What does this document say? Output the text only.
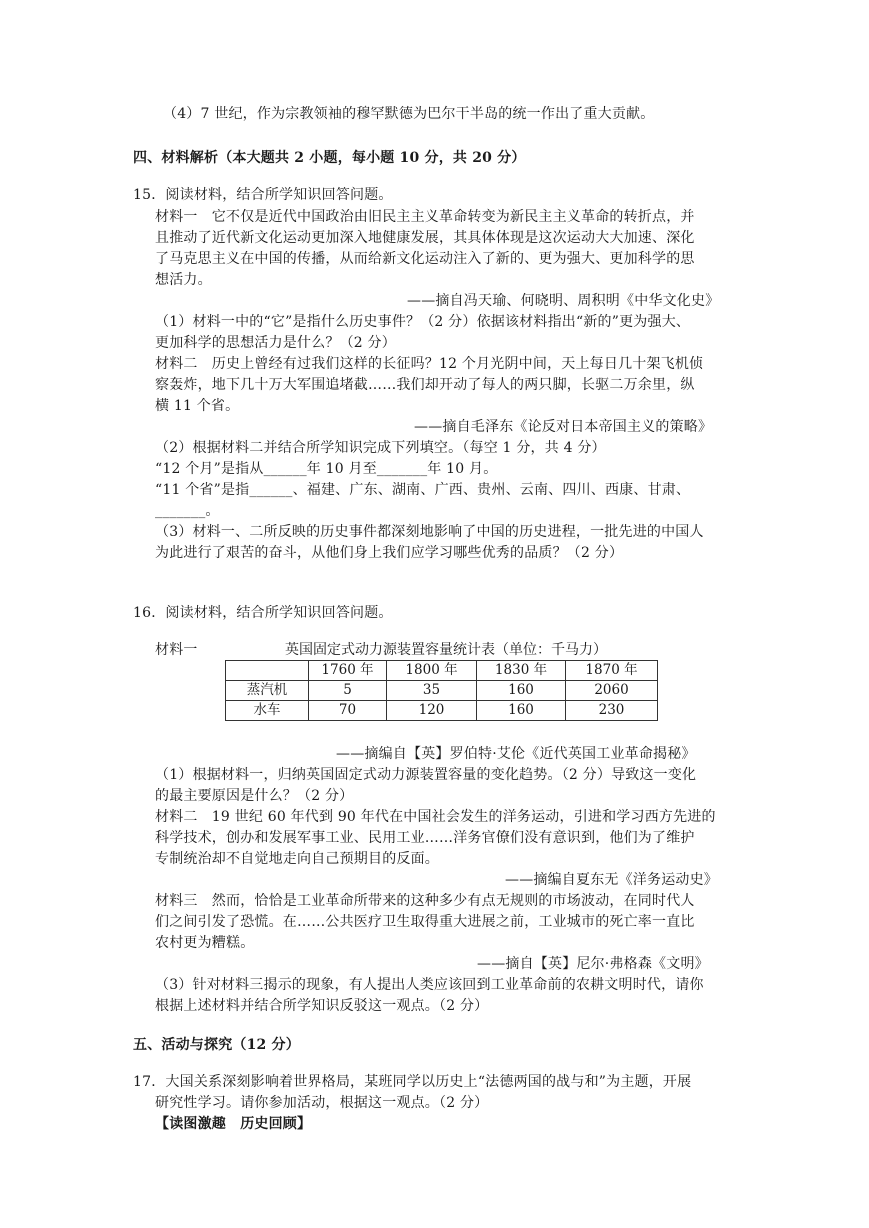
（4）7 世纪，作为宗教领袖的穆罕默德为巴尔干半岛的统一作出了重大贡献。
四、材料解析（本大题共 2 小题，每小题 10 分，共 20 分）
15．阅读材料，结合所学知识回答问题。
材料一　它不仅是近代中国政治由旧民主主义革命转变为新民主主义革命的转折点，并
且推动了近代新文化运动更加深入地健康发展，其具体体现是这次运动大大加速、深化
了马克思主义在中国的传播，从而给新文化运动注入了新的、更为强大、更加科学的思
想活力。
——摘自冯天瑜、何晓明、周积明《中华文化史》
（1）材料一中的“它”是指什么历史事件？（2 分）依据该材料指出“新的”更为强大、
更加科学的思想活力是什么？（2 分）
材料二　历史上曾经有过我们这样的长征吗？12 个月光阴中间，天上每日几十架飞机侦
察轰炸，地下几十万大军围追堵截……我们却开动了每人的两只脚，长驱二万余里，纵
横 11 个省。
——摘自毛泽东《论反对日本帝国主义的策略》
（2）根据材料二并结合所学知识完成下列填空。（每空 1 分，共 4 分）
“12 个月”是指从______年 10 月至_______年 10 月。
“11 个省”是指______、福建、广东、湖南、广西、贵州、云南、四川、西康、甘肃、
_______。
（3）材料一、二所反映的历史事件都深刻地影响了中国的历史进程，一批先进的中国人
为此进行了艰苦的奋斗，从他们身上我们应学习哪些优秀的品质？（2 分）
16．阅读材料，结合所学知识回答问题。
材料一	英国固定式动力源装置容量统计表（单位：千马力）
	1760 年	1800 年	1830 年	1870 年
蒸汽机	5	35	160	2060
水车	70	120	160	230
——摘编自【英】罗伯特·艾伦《近代英国工业革命揭秘》
（1）根据材料一，归纳英国固定式动力源装置容量的变化趋势。（2 分）导致这一变化
的最主要原因是什么？（2 分）
材料二　19 世纪 60 年代到 90 年代在中国社会发生的洋务运动，引进和学习西方先进的
科学技术，创办和发展军事工业、民用工业……洋务官僚们没有意识到，他们为了维护
专制统治却不自觉地走向自己预期目的反面。
——摘编自夏东无《洋务运动史》
材料三　然而，恰恰是工业革命所带来的这种多少有点无规则的市场波动，在同时代人
们之间引发了恐慌。在……公共医疗卫生取得重大进展之前，工业城市的死亡率一直比
农村更为糟糕。
——摘自【英】尼尔·弗格森《文明》
（3）针对材料三揭示的现象，有人提出人类应该回到工业革命前的农耕文明时代，请你
根据上述材料并结合所学知识反驳这一观点。（2 分）
五、活动与探究（12 分）
17．大国关系深刻影响着世界格局，某班同学以历史上“法德两国的战与和”为主题，开展
研究性学习。请你参加活动，根据这一观点。（2 分）
【读图激趣　历史回顾】
